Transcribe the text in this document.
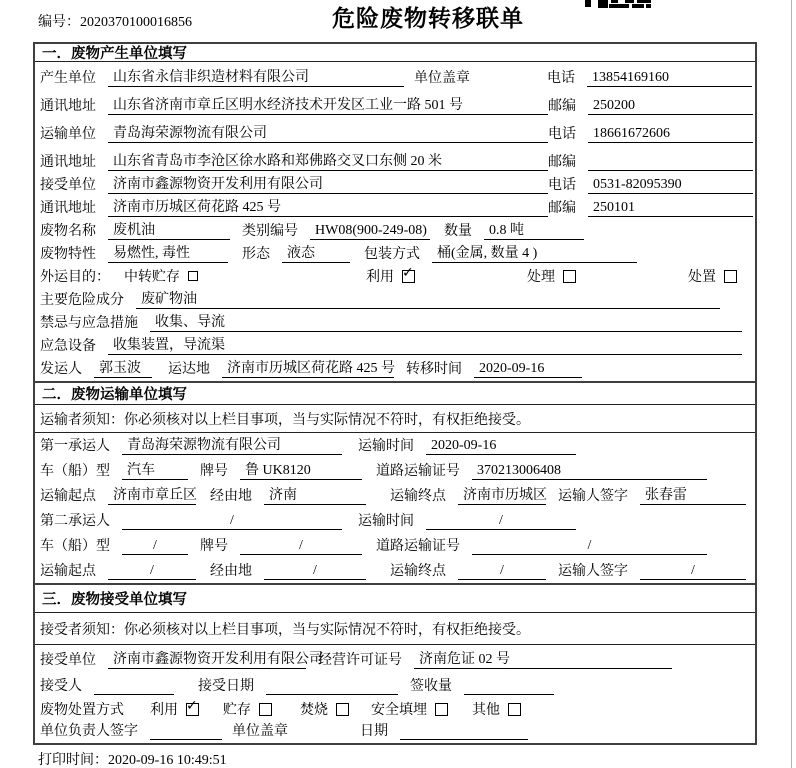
编号：2020370100016856	危险废物转移联单
一．废物产生单位填写
产生单位	山东省永信非织造材料有限公司	单位盖章	电话	13854169160
通讯地址	山东省济南市章丘区明水经济技术开发区工业一路 501 号	邮编	250200
运输单位	青岛海荣源物流有限公司	电话	18661672606
通讯地址	山东省青岛市李沧区徐水路和郑佛路交叉口东侧 20 米	邮编
接受单位	济南市鑫源物资开发利用有限公司	电话	0531-82095390
通讯地址	济南市历城区荷花路 425 号	邮编	250101
废物名称	废机油	类别编号	HW08(900-249-08) 数量	0.8 吨
废物特性	易燃性, 毒性	形态	液态	包装方式	桶(金属, 数量 4 )
外运目的： 中转贮存	利用 ✓	处理	处置
主要危险成分	废矿物油
禁忌与应急措施	收集、导流
应急设备	收集装置，导流渠
发运人	郭玉波	运达地	济南市历城区荷花路 425 号 转移时间	2020-09-16
二．废物运输单位填写
运输者须知： 你必须核对以上栏目事项，当与实际情况不符时，有权拒绝接受。
第一承运人	青岛海荣源物流有限公司	运输时间	2020-09-16
车（船）型	汽车	牌号	鲁 UK8120	道路运输证号	370213006408
运输起点	济南市章丘区 经由地	济南	运输终点	济南市历城区 运输人签字	张春雷
第二承运人	/	运输时间	/
车（船）型	/	牌号	/	道路运输证号	/
运输起点	/	经由地	/	运输终点	/	运输人签字	/
三．废物接受单位填写
接受者须知： 你必须核对以上栏目事项，当与实际情况不符时，有权拒绝接受。
接受单位	济南市鑫源物资开发利用有限公司
经营许可证号	济南危证 02 号
接受人	接受日期	签收量
废物处置方式 利用 ✓	贮存	焚烧	安全填埋	其他
单位负责人签字	单位盖章	日期
打印时间：2020-09-16 10:49:51
